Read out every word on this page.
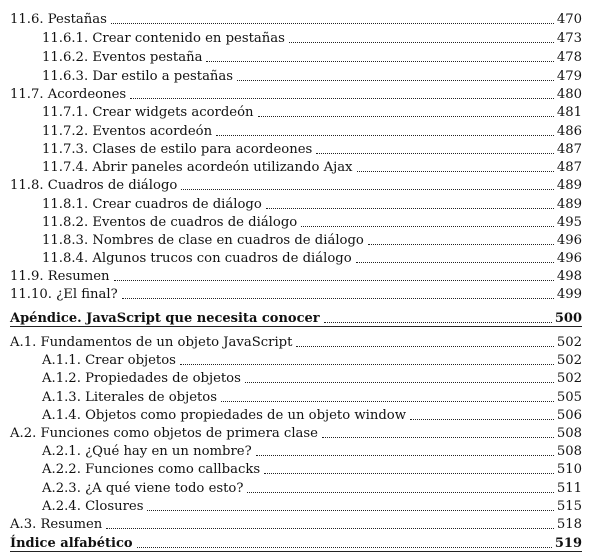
11.6. Pestañas	470
11.6.1. Crear contenido en pestañas	473
11.6.2. Eventos pestaña	478
11.6.3. Dar estilo a pestañas	479
11.7. Acordeones	480
11.7.1. Crear widgets acordeón	481
11.7.2. Eventos acordeón	486
11.7.3. Clases de estilo para acordeones	487
11.7.4. Abrir paneles acordeón utilizando Ajax	487
11.8. Cuadros de diálogo	489
11.8.1. Crear cuadros de diálogo	489
11.8.2. Eventos de cuadros de diálogo	495
11.8.3. Nombres de clase en cuadros de diálogo	496
11.8.4. Algunos trucos con cuadros de diálogo	496
11.9. Resumen	498
11.10. ¿El final?	499
Apéndice. JavaScript que necesita conocer	500
A.1. Fundamentos de un objeto JavaScript	502
A.1.1. Crear objetos	502
A.1.2. Propiedades de objetos	502
A.1.3. Literales de objetos	505
A.1.4. Objetos como propiedades de un objeto window	506
A.2. Funciones como objetos de primera clase	508
A.2.1. ¿Qué hay en un nombre?	508
A.2.2. Funciones como callbacks	510
A.2.3. ¿A qué viene todo esto?	511
A.2.4. Closures	515
A.3. Resumen	518
Índice alfabético	519
